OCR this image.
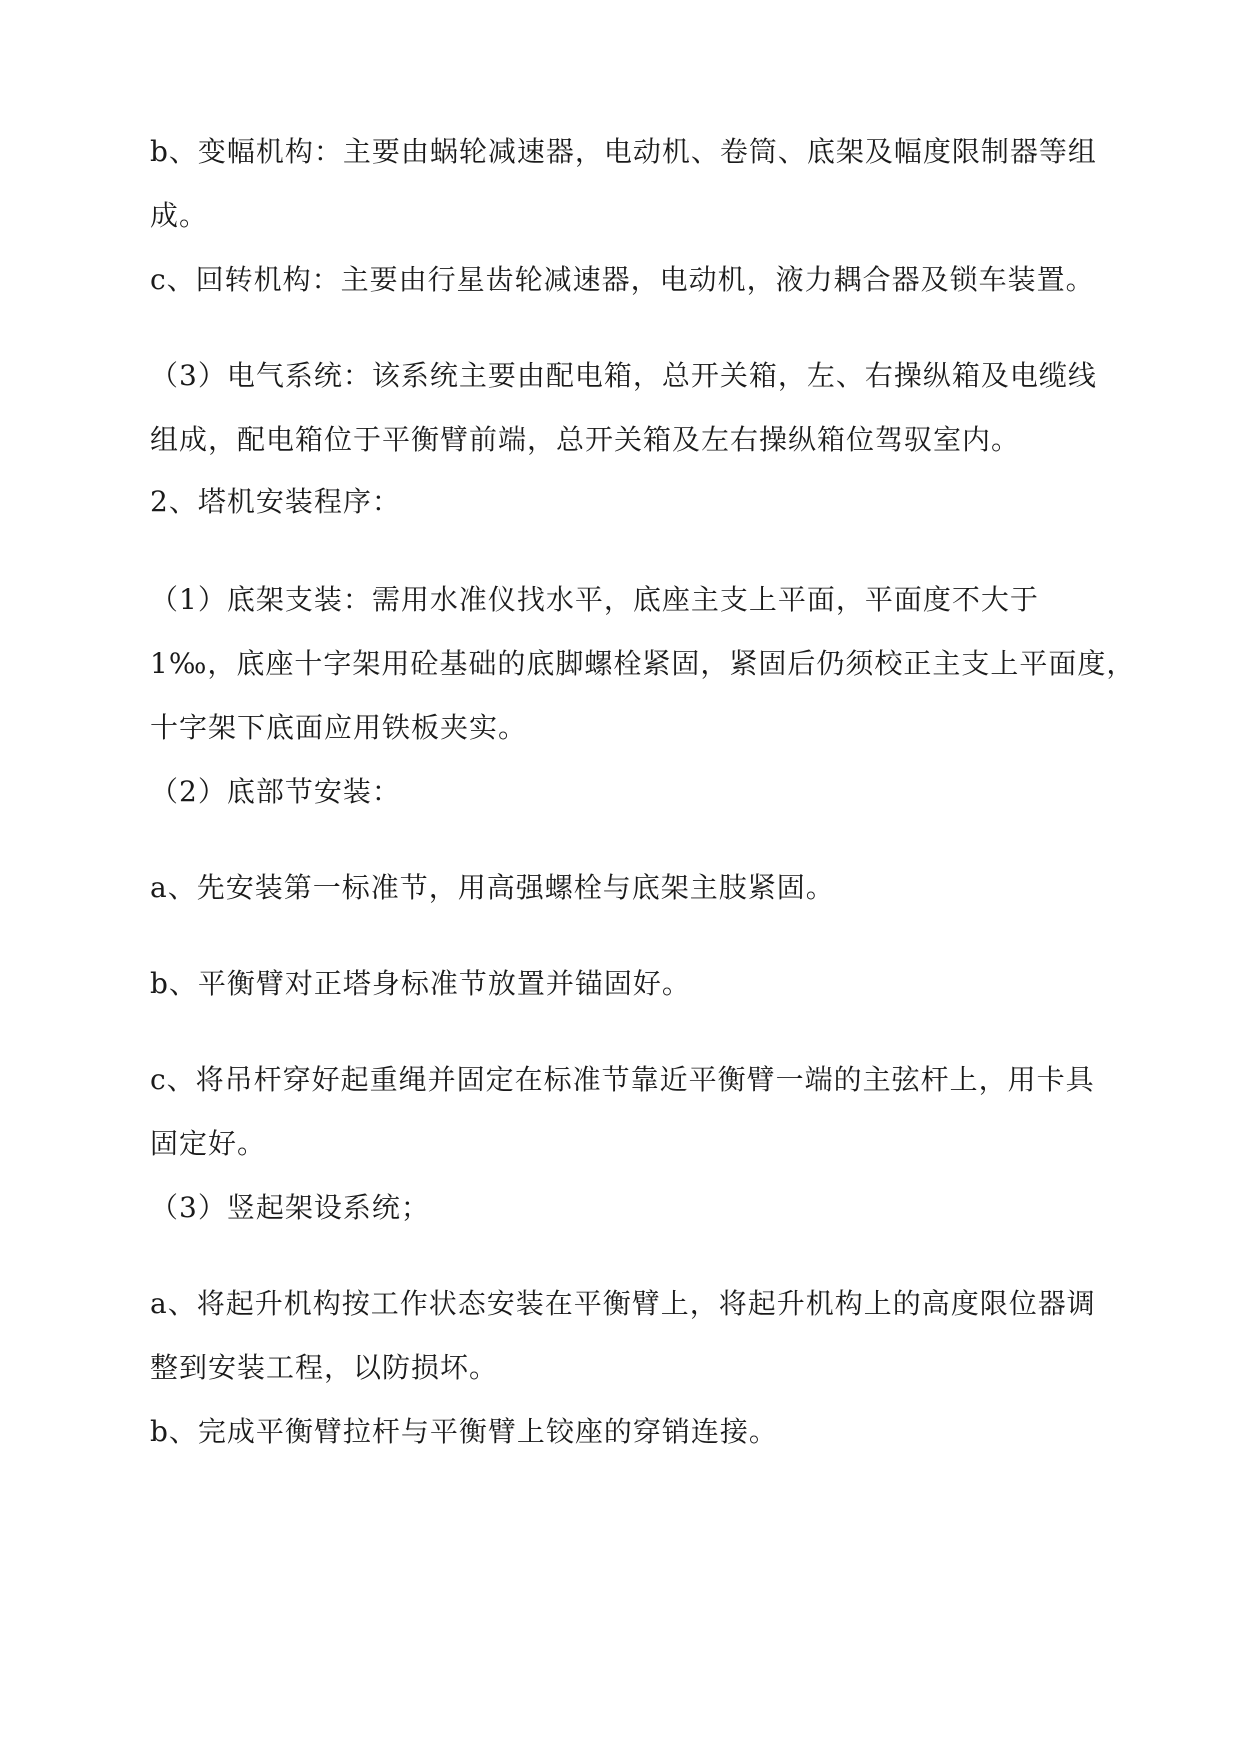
b、变幅机构：主要由蜗轮减速器，电动机、卷筒、底架及幅度限制器等组
成。

c、回转机构：主要由行星齿轮减速器，电动机，液力耦合器及锁车装置。

（3）电气系统：该系统主要由配电箱，总开关箱，左、右操纵箱及电缆线
组成，配电箱位于平衡臂前端，总开关箱及左右操纵箱位驾驭室内。

2、塔机安装程序：

（1）底架支装：需用水准仪找水平，底座主支上平面，平面度不大于
1‰，底座十字架用砼基础的底脚螺栓紧固，紧固后仍须校正主支上平面度，
十字架下底面应用铁板夹实。

（2）底部节安装：

a、先安装第一标准节，用高强螺栓与底架主肢紧固。

b、平衡臂对正塔身标准节放置并锚固好。

c、将吊杆穿好起重绳并固定在标准节靠近平衡臂一端的主弦杆上，用卡具
固定好。

（3）竖起架设系统；

a、将起升机构按工作状态安装在平衡臂上，将起升机构上的高度限位器调
整到安装工程，以防损坏。

b、完成平衡臂拉杆与平衡臂上铰座的穿销连接。
